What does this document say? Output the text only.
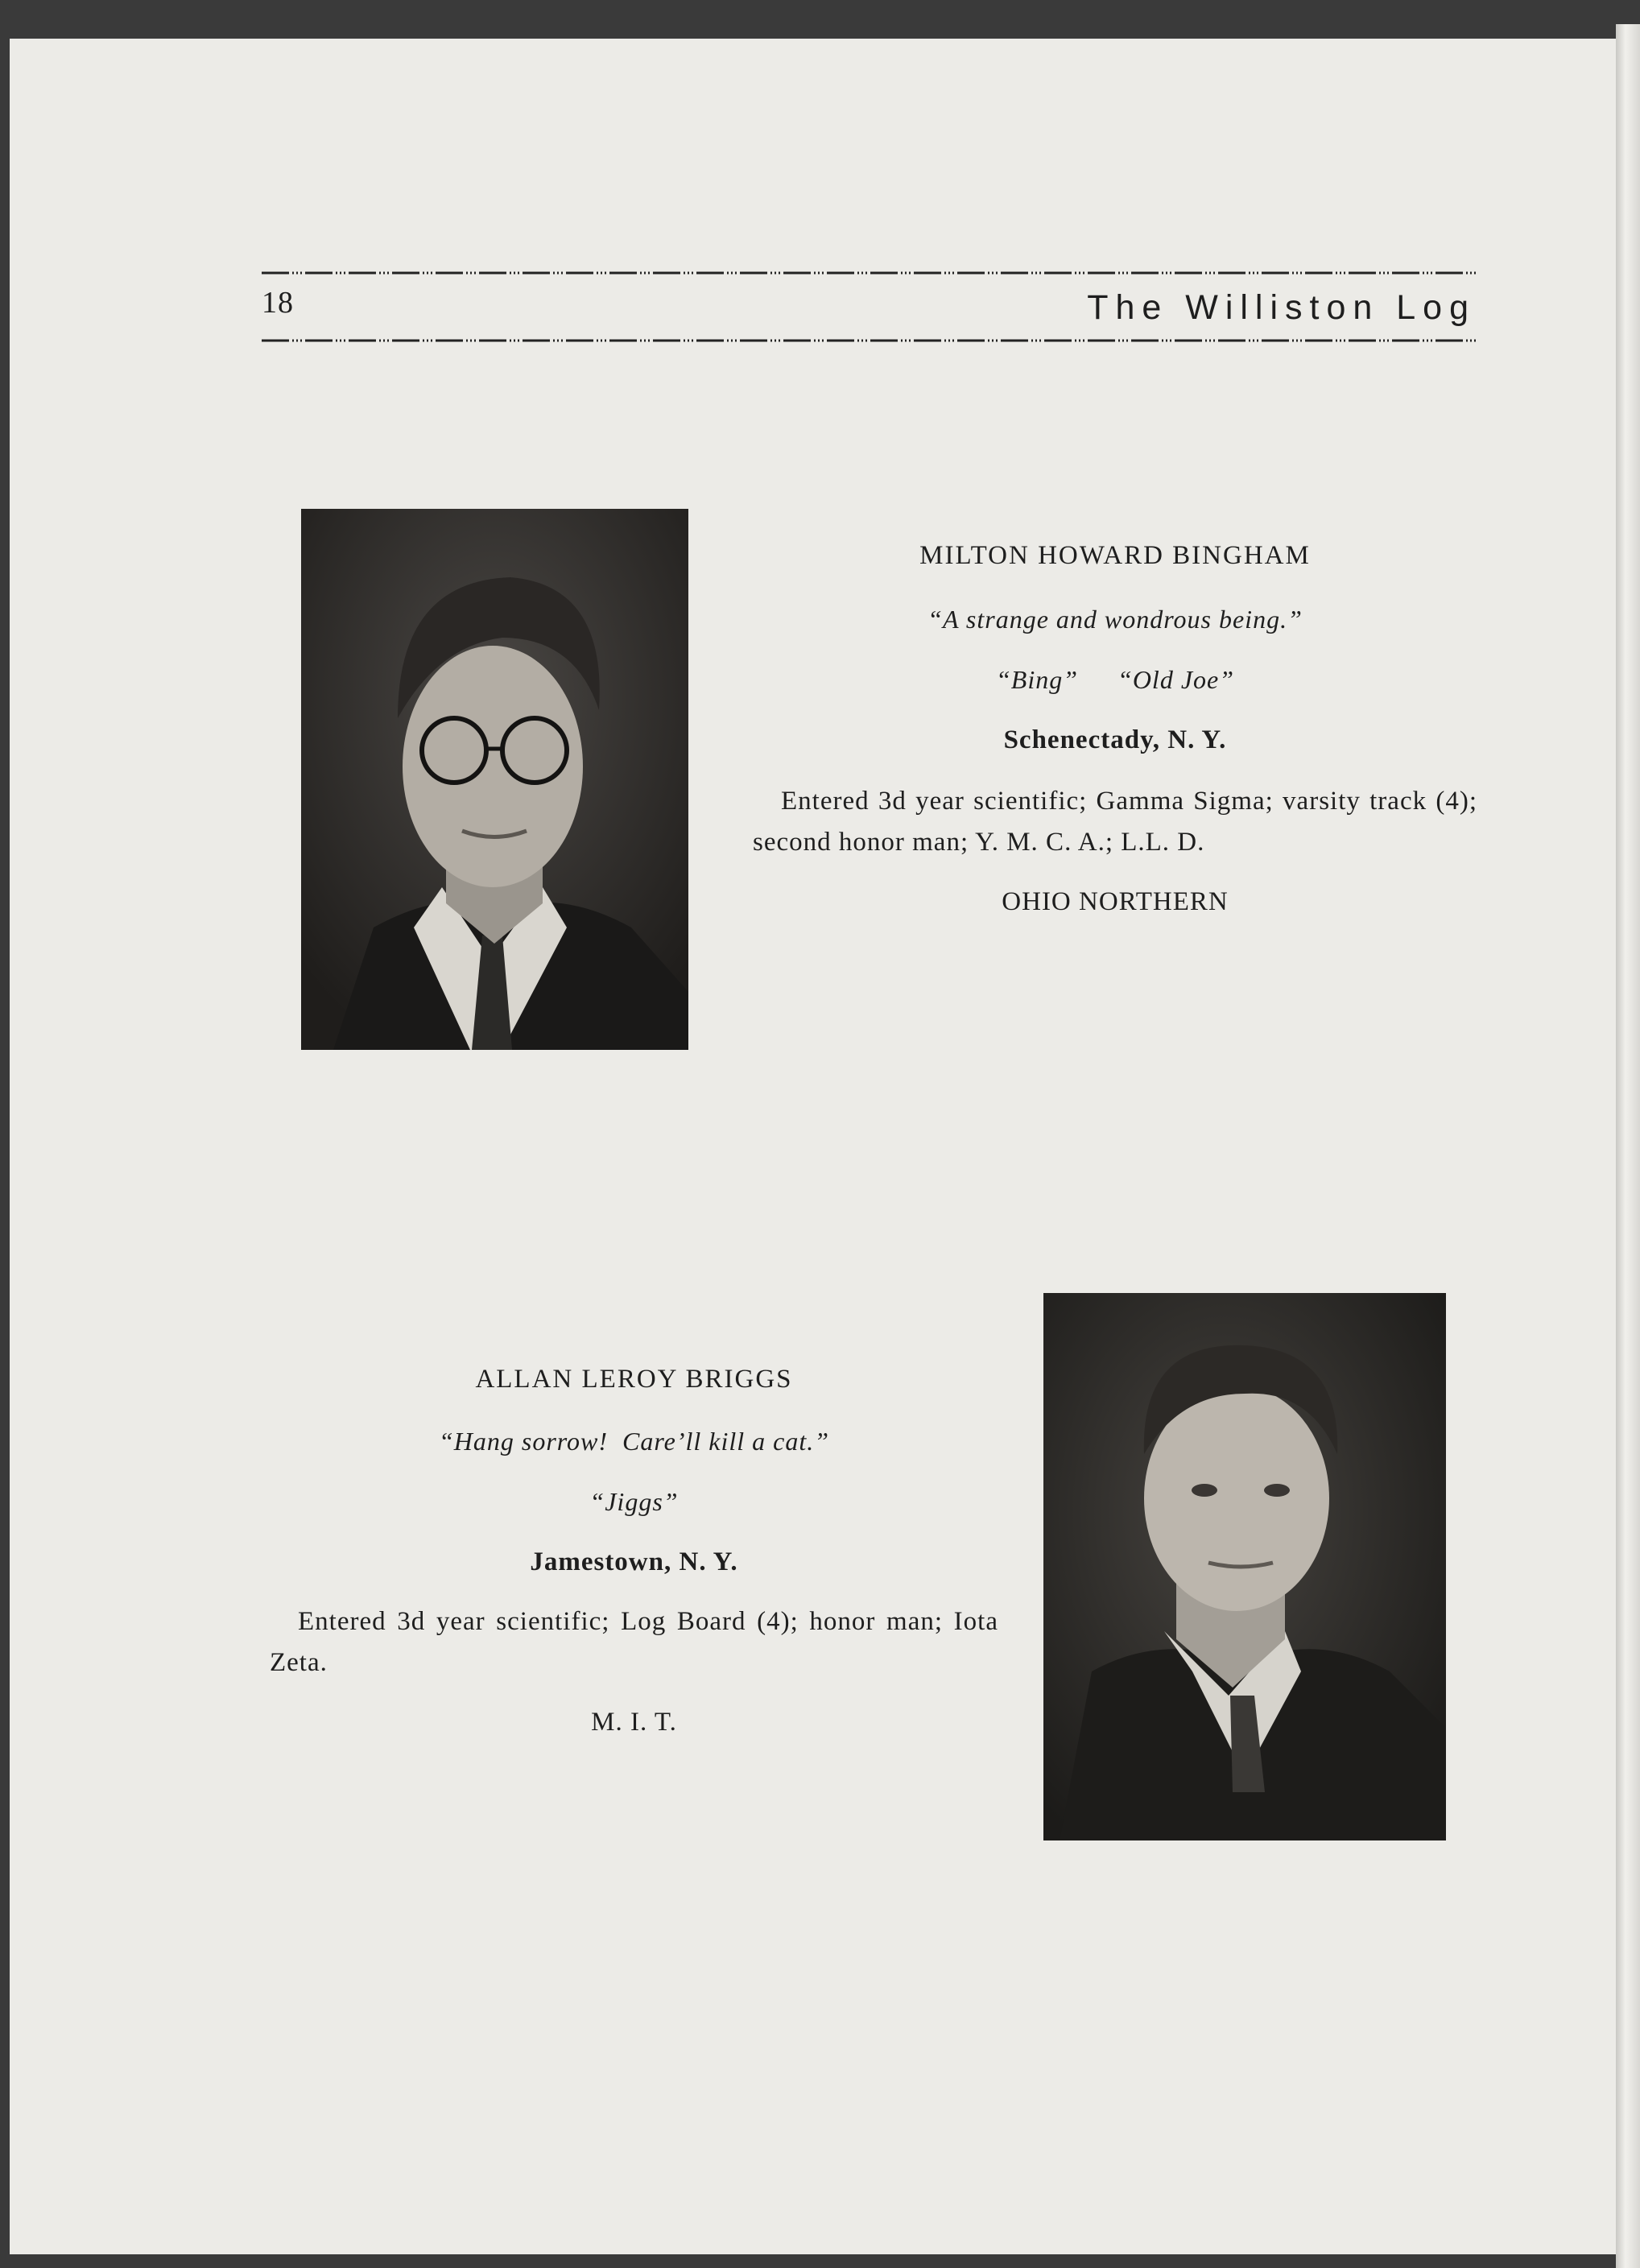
18	The Williston Log

MILTON HOWARD BINGHAM

“A strange and wondrous being.”

“Bing” “Old Joe”

Schenectady, N. Y.

Entered 3d year scientific; Gamma Sigma; varsity track (4); second honor man; Y. M. C. A.; L.L. D.

OHIO NORTHERN

ALLAN LEROY BRIGGS

“Hang sorrow!  Care’ll kill a cat.”

“Jiggs”

Jamestown, N. Y.

Entered 3d year scientific; Log Board (4); honor man; Iota Zeta.

M. I. T.
